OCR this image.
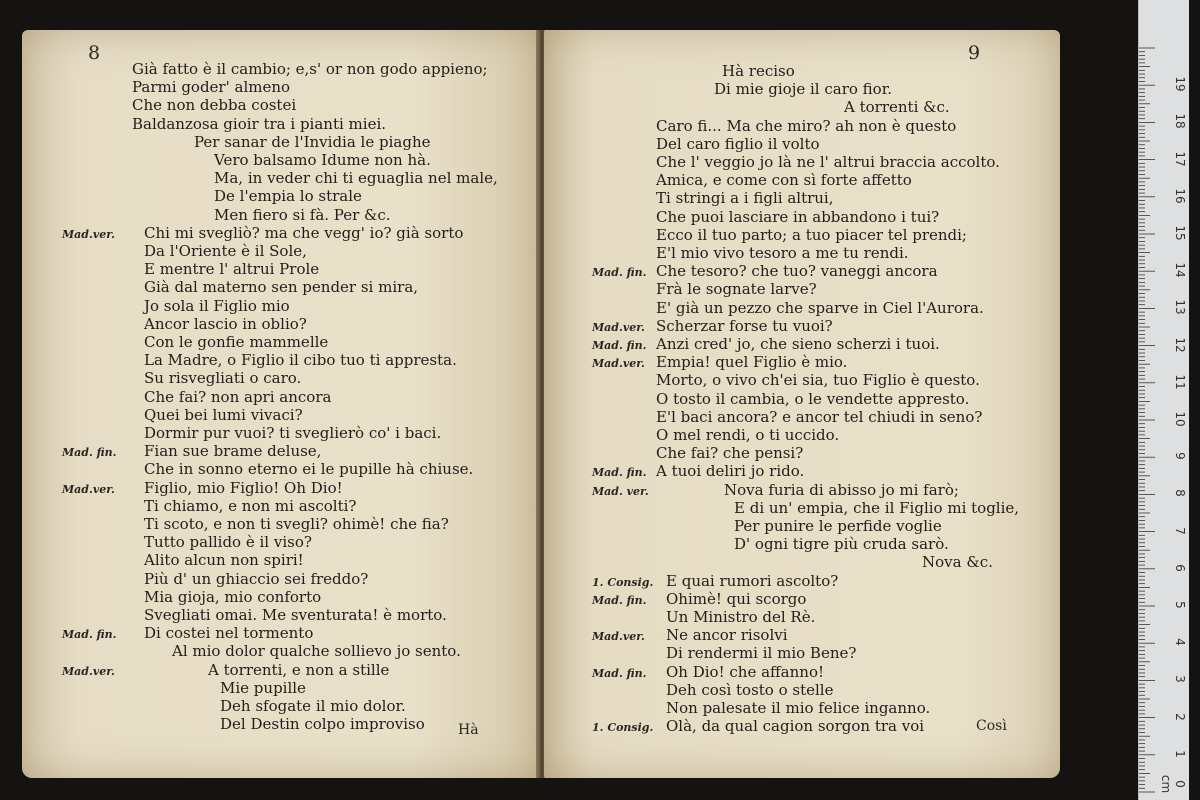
8
Già fatto è il cambio; e,s' or non godo appieno;
Parmi goder' almeno
Che non debba costei
Baldanzosa gioir tra i pianti miei.
Per sanar de l'Invidia le piaghe
Vero balsamo Idume non hà.
Ma, in veder chi ti eguaglia nel male,
De l'empia lo strale
Men fiero si fà. Per &c.
Mad.ver. Chi mi svegliò? ma che vegg' io? già sorto
Da l'Oriente è il Sole,
E mentre l' altrui Prole
Già dal materno sen pender si mira,
Jo sola il Figlio mio
Ancor lascio in oblio?
Con le gonfie mammelle
La Madre, o Figlio il cibo tuo ti appresta.
Su risvegliati o caro.
Che fai? non apri ancora
Quei bei lumi vivaci?
Dormir pur vuoi? ti sveglierò co' i baci.
Mad. fin. Fian sue brame deluse,
Che in sonno eterno ei le pupille hà chiuse.
Mad.ver. Figlio, mio Figlio! Oh Dio!
Ti chiamo, e non mi ascolti?
Ti scoto, e non ti svegli? ohimè! che fia?
Tutto pallido è il viso?
Alito alcun non spiri!
Più d' un ghiaccio sei freddo?
Mia gioja, mio conforto
Svegliati omai. Me sventurata! è morto.
Mad. fin. Di costei nel tormento
Al mio dolor qualche sollievo jo sento.
Mad.ver.	A torrenti, e non a stille
Mie pupille
Deh sfogate il mio dolor.
Del Destin colpo improviso Hà
9
Hà reciso
Di mie gioje il caro fior.
A torrenti &c.
Caro fi... Ma che miro? ah non è questo
Del caro figlio il volto
Che l' veggio jo là ne l' altrui braccia accolto.
Amica, e come con sì forte affetto
Ti stringi a i figli altrui,
Che puoi lasciare in abbandono i tui?
Ecco il tuo parto; a tuo piacer tel prendi;
E'l mio vivo tesoro a me tu rendi.
Mad. fin. Che tesoro? che tuo? vaneggi ancora
Frà le sognate larve?
E' già un pezzo che sparve in Ciel l'Aurora.
Mad.ver. Scherzar forse tu vuoi?
Mad. fin. Anzi cred' jo, che sieno scherzi i tuoi.
Mad.ver. Empia! quel Figlio è mio.
Morto, o vivo ch'ei sia, tuo Figlio è questo.
O tosto il cambia, o le vendette appresto.
E'l baci ancora? e ancor tel chiudi in seno?
O mel rendi, o ti uccido.
Che fai? che pensi?
Mad. fin. A tuoi deliri jo rido.
Mad. ver.	Nova furia di abisso jo mi farò;
E di un' empia, che il Figlio mi toglie,
Per punire le perfide voglie
D' ogni tigre più cruda sarò.
Nova &c.
1. Consig. E quai rumori ascolto?
Mad. fin. Ohimè! qui scorgo
Un Ministro del Rè.
Mad.ver. Ne ancor risolvi
Di rendermi il mio Bene?
Mad. fin. Oh Dio! che affanno!
Deh così tosto o stelle
Non palesate il mio felice inganno.
1. Consig. Olà, da qual cagion sorgon tra voi	Così
0 cm
1
2
3
4
5
6
7
8
9
10
11
12
13
14
15
16
17
18
19
